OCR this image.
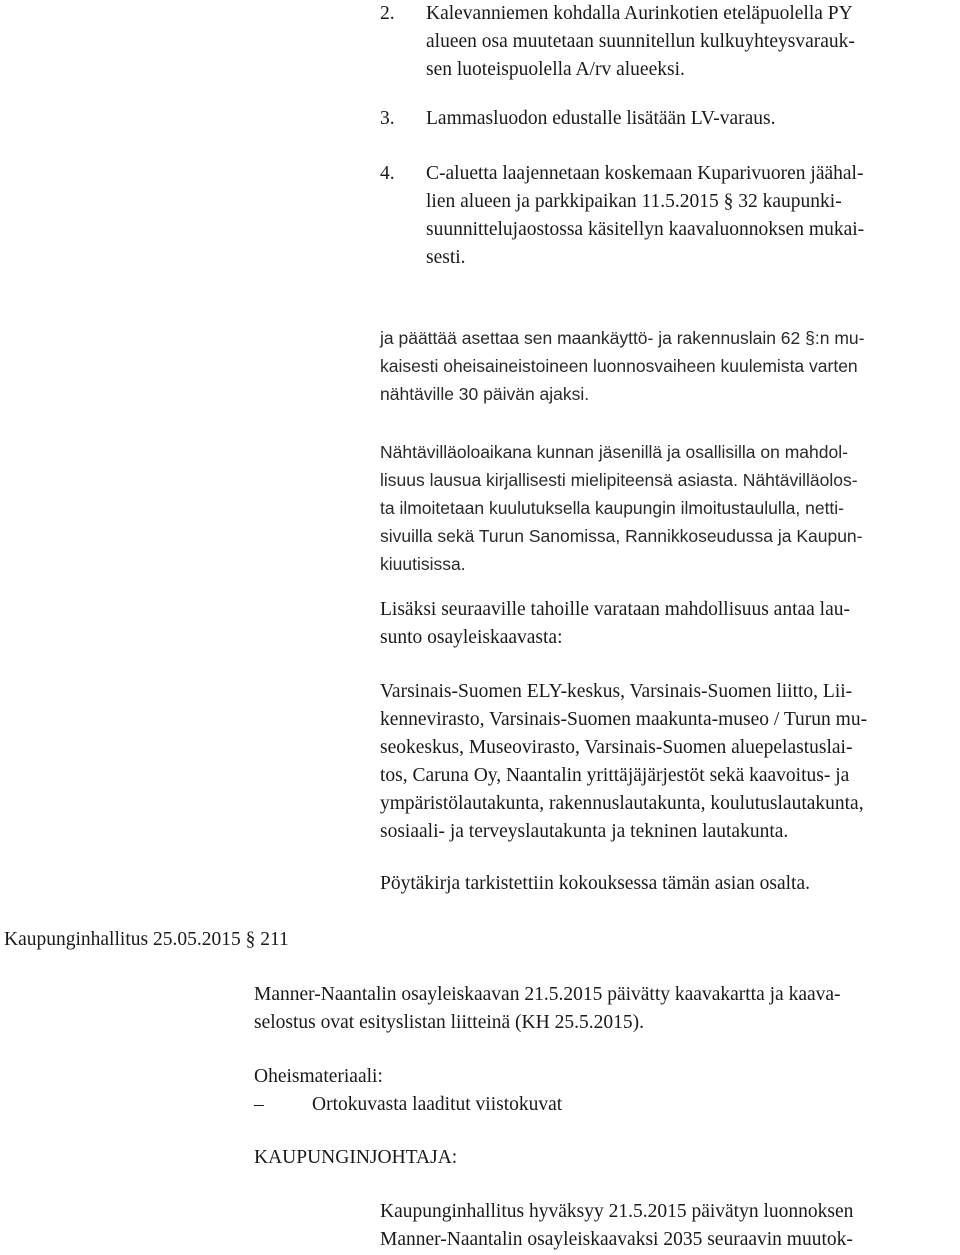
2. Kalevanniemen kohdalla Aurinkotien eteläpuolella PY
alueen osa muutetaan suunnitellun kulkuyhteysvarauk-
sen luoteispuolella A/rv alueeksi.
3. Lammasluodon edustalle lisätään LV-varaus.
4. C-aluetta laajennetaan koskemaan Kuparivuoren jäähal-
lien alueen ja parkkipaikan 11.5.2015 § 32 kaupunki-
suunnittelujaostossa käsitellyn kaavaluonnoksen mukai-
sesti.
ja päättää asettaa sen maankäyttö- ja rakennuslain 62 §:n mu-
kaisesti oheisaineistoineen luonnosvaiheen kuulemista varten
nähtäville 30 päivän ajaksi.
Nähtävilläoloaikana kunnan jäsenillä ja osallisilla on mahdol-
lisuus lausua kirjallisesti mielipiteensä asiasta. Nähtävilläolos-
ta ilmoitetaan kuulutuksella kaupungin ilmoitustaululla, netti-
sivuilla sekä Turun Sanomissa, Rannikkoseudussa ja Kaupun-
kiuutisissa.
Lisäksi seuraaville tahoille varataan mahdollisuus antaa lau-
sunto osayleiskaavasta:
Varsinais-Suomen ELY-keskus, Varsinais-Suomen liitto, Lii-
kennevirasto, Varsinais-Suomen maakunta-museo / Turun mu-
seokeskus, Museovirasto, Varsinais-Suomen aluepelastuslai-
tos, Caruna Oy, Naantalin yrittäjäjärjestöt sekä kaavoitus- ja
ympäristölautakunta, rakennuslautakunta, koulutuslautakunta,
sosiaali- ja terveyslautakunta ja tekninen lautakunta.
Pöytäkirja tarkistettiin kokouksessa tämän asian osalta.
Kaupunginhallitus 25.05.2015 § 211
Manner-Naantalin osayleiskaavan 21.5.2015 päivätty kaavakartta ja kaava-
selostus ovat esityslistan liitteinä (KH 25.5.2015).
Oheismateriaali:
– Ortokuvasta laaditut viistokuvat
KAUPUNGINJOHTAJA:
Kaupunginhallitus hyväksyy 21.5.2015 päivätyn luonnoksen
Manner-Naantalin osayleiskaavaksi 2035 seuraavin muutok-
